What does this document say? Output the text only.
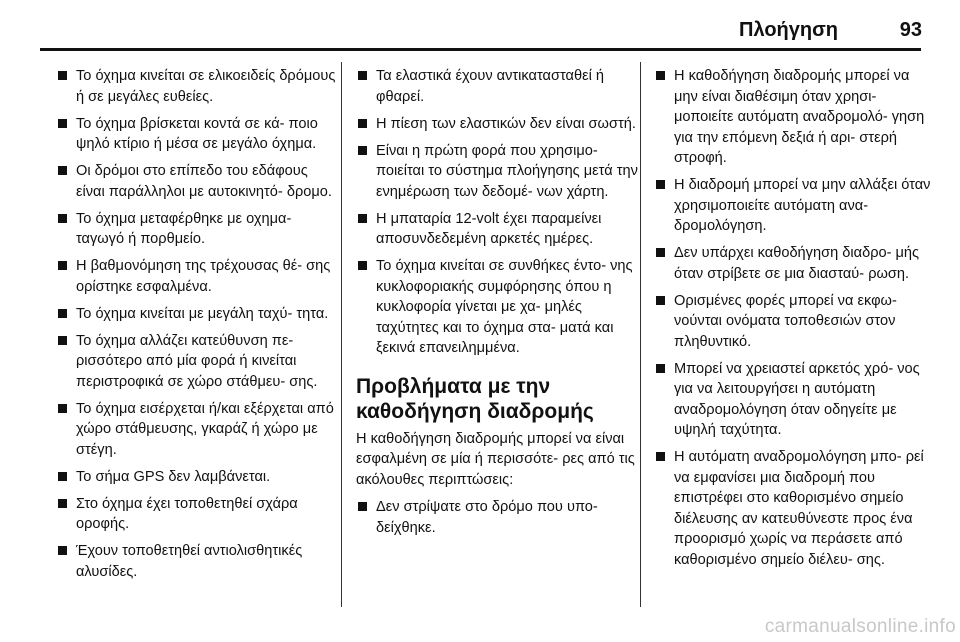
Πλοήγηση	93
Το όχημα κινείται σε ελικοειδείς δρόμους ή σε μεγάλες ευθείες.
Το όχημα βρίσκεται κοντά σε κά- ποιο ψηλό κτίριο ή μέσα σε μεγάλο όχημα.
Οι δρόμοι στο επίπεδο του εδάφους είναι παράλληλοι με αυτοκινητό- δρομο.
Το όχημα μεταφέρθηκε με οχημα- ταγωγό ή πορθμείο.
Η βαθμονόμηση της τρέχουσας θέ- σης ορίστηκε εσφαλμένα.
Το όχημα κινείται με μεγάλη ταχύ- τητα.
Το όχημα αλλάζει κατεύθυνση πε- ρισσότερο από μία φορά ή κινείται περιστροφικά σε χώρο στάθμευ- σης.
Το όχημα εισέρχεται ή/και εξέρχεται από χώρο στάθμευσης, γκαράζ ή χώρο με στέγη.
Το σήμα GPS δεν λαμβάνεται.
Στο όχημα έχει τοποθετηθεί σχάρα οροφής.
Έχουν τοποθετηθεί αντιολισθητικές αλυσίδες.
Τα ελαστικά έχουν αντικατασταθεί ή φθαρεί.
Η πίεση των ελαστικών δεν είναι σωστή.
Είναι η πρώτη φορά που χρησιμο- ποιείται το σύστημα πλοήγησης μετά την ενημέρωση των δεδομέ- νων χάρτη.
Η μπαταρία 12-volt έχει παραμείνει αποσυνδεδεμένη αρκετές ημέρες.
Το όχημα κινείται σε συνθήκες έντο- νης κυκλοφοριακής συμφόρησης όπου η κυκλοφορία γίνεται με χα- μηλές ταχύτητες και το όχημα στα- ματά και ξεκινά επανειλημμένα.
Προβλήματα με την καθοδήγηση διαδρομής
Η καθοδήγηση διαδρομής μπορεί να είναι εσφαλμένη σε μία ή περισσότε- ρες από τις ακόλουθες περιπτώσεις:
Δεν στρίψατε στο δρόμο που υπο- δείχθηκε.
Η καθοδήγηση διαδρομής μπορεί να μην είναι διαθέσιμη όταν χρησι- μοποιείτε αυτόματη αναδρομολό- γηση για την επόμενη δεξιά ή αρι- στερή στροφή.
Η διαδρομή μπορεί να μην αλλάξει όταν χρησιμοποιείτε αυτόματη ανα- δρομολόγηση.
Δεν υπάρχει καθοδήγηση διαδρο- μής όταν στρίβετε σε μια διασταύ- ρωση.
Ορισμένες φορές μπορεί να εκφω- νούνται ονόματα τοποθεσιών στον πληθυντικό.
Μπορεί να χρειαστεί αρκετός χρό- νος για να λειτουργήσει η αυτόματη αναδρομολόγηση όταν οδηγείτε με υψηλή ταχύτητα.
Η αυτόματη αναδρομολόγηση μπο- ρεί να εμφανίσει μια διαδρομή που επιστρέφει στο καθορισμένο σημείο διέλευσης αν κατευθύνεστε προς ένα προορισμό χωρίς να περάσετε από καθορισμένο σημείο διέλευ- σης.
carmanualsonline.info
